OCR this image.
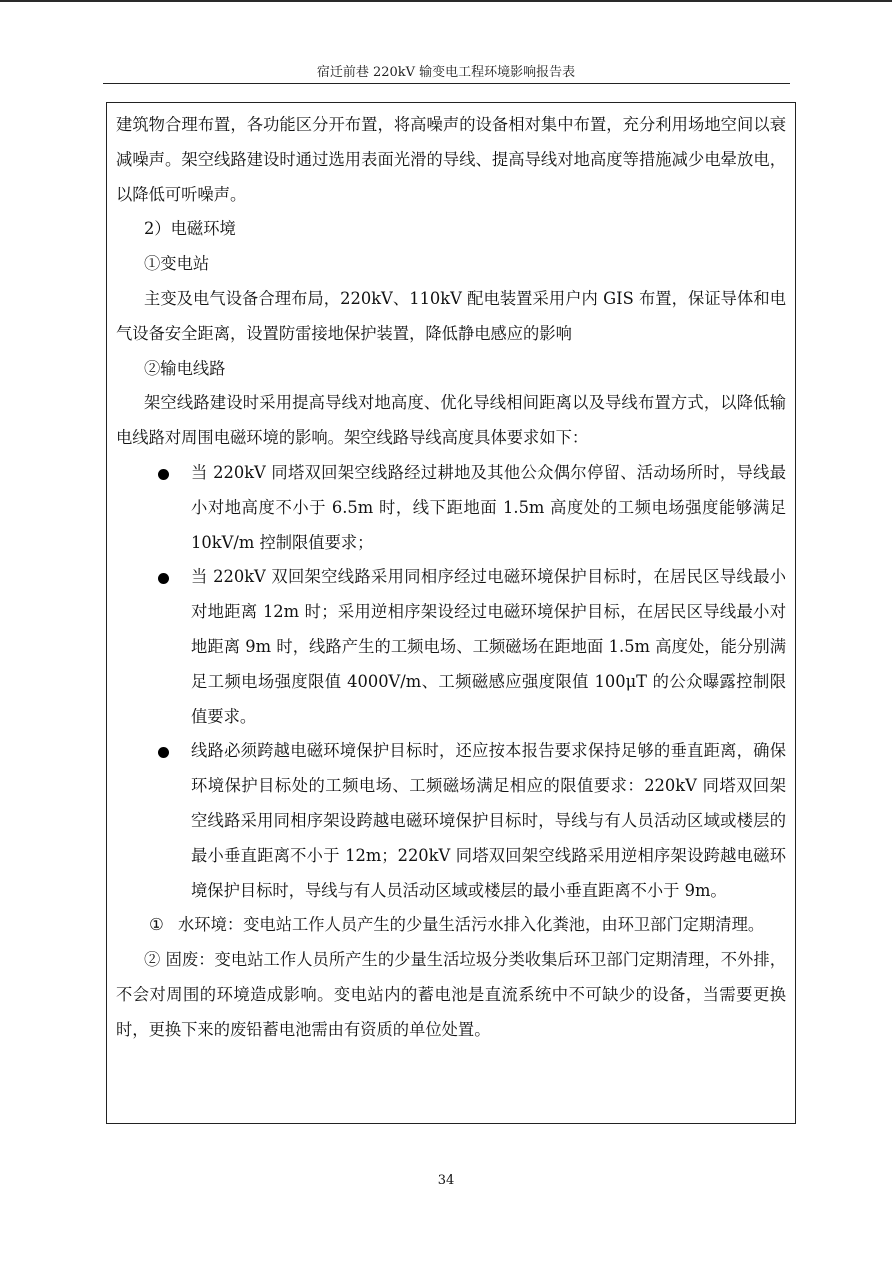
宿迁前巷 220kV 输变电工程环境影响报告表

建筑物合理布置，各功能区分开布置，将高噪声的设备相对集中布置，充分利用场地空间以衰减噪声。架空线路建设时通过选用表面光滑的导线、提高导线对地高度等措施减少电晕放电，以降低可听噪声。

2）电磁环境

①变电站

主变及电气设备合理布局，220kV、110kV 配电装置采用户内 GIS 布置，保证导体和电气设备安全距离，设置防雷接地保护装置，降低静电感应的影响

②输电线路

架空线路建设时采用提高导线对地高度、优化导线相间距离以及导线布置方式，以降低输电线路对周围电磁环境的影响。架空线路导线高度具体要求如下：

当 220kV 同塔双回架空线路经过耕地及其他公众偶尔停留、活动场所时，导线最小对地高度不小于 6.5m 时，线下距地面 1.5m 高度处的工频电场强度能够满足 10kV/m 控制限值要求；
当 220kV 双回架空线路采用同相序经过电磁环境保护目标时，在居民区导线最小对地距离 12m 时；采用逆相序架设经过电磁环境保护目标，在居民区导线最小对地距离 9m 时，线路产生的工频电场、工频磁场在距地面 1.5m 高度处，能分别满足工频电场强度限值 4000V/m、工频磁感应强度限值 100μT 的公众曝露控制限值要求。
线路必须跨越电磁环境保护目标时，还应按本报告要求保持足够的垂直距离，确保环境保护目标处的工频电场、工频磁场满足相应的限值要求：220kV 同塔双回架空线路采用同相序架设跨越电磁环境保护目标时，导线与有人员活动区域或楼层的最小垂直距离不小于 12m；220kV 同塔双回架空线路采用逆相序架设跨越电磁环境保护目标时，导线与有人员活动区域或楼层的最小垂直距离不小于 9m。
① 水环境：变电站工作人员产生的少量生活污水排入化粪池，由环卫部门定期清理。

② 固废：变电站工作人员所产生的少量生活垃圾分类收集后环卫部门定期清理，不外排，不会对周围的环境造成影响。变电站内的蓄电池是直流系统中不可缺少的设备，当需要更换时，更换下来的废铅蓄电池需由有资质的单位处置。

34
